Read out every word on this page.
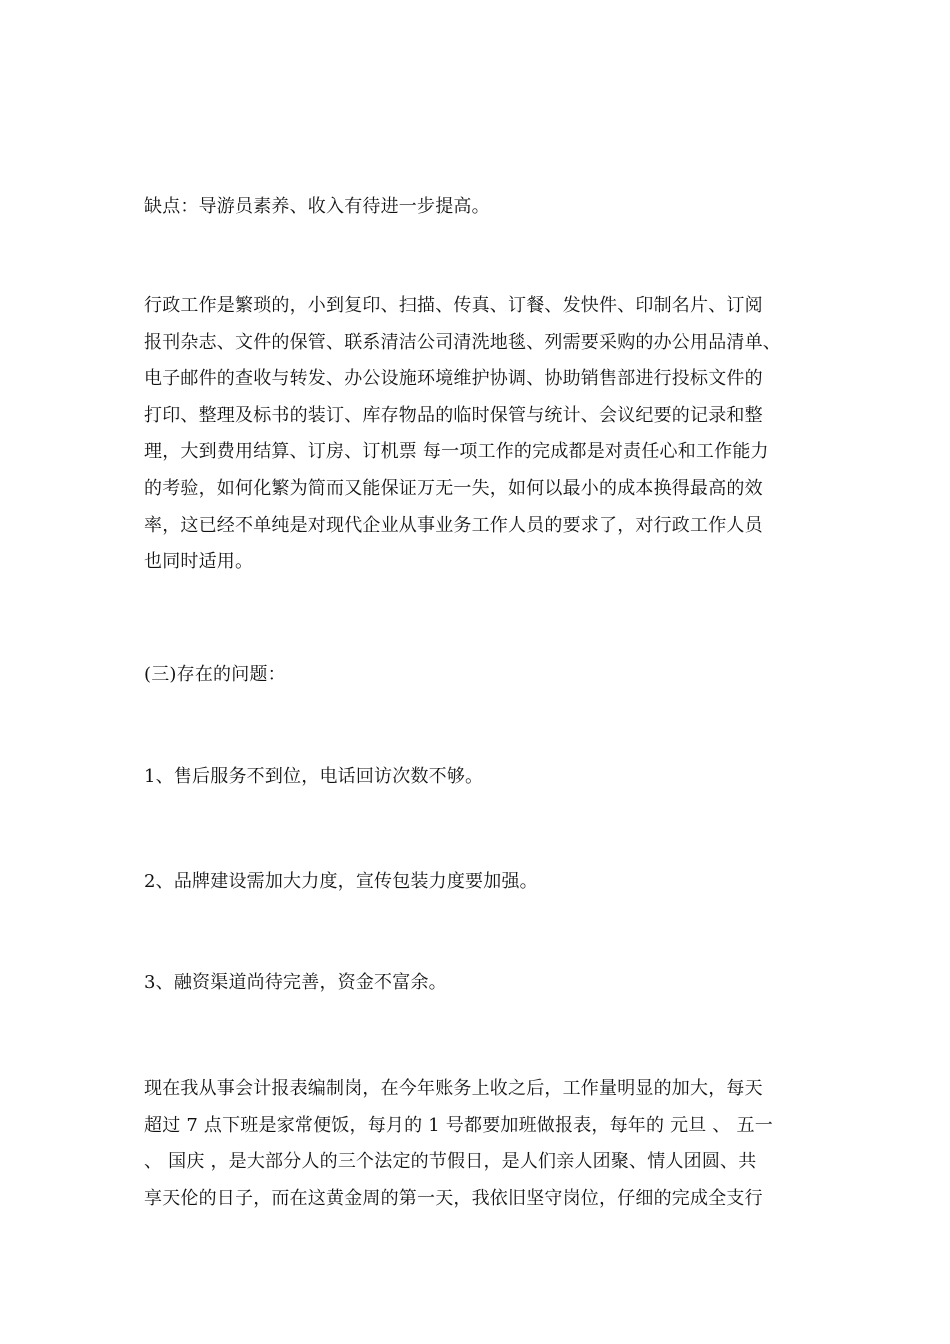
缺点：导游员素养、收入有待进一步提高。

行政工作是繁琐的，小到复印、扫描、传真、订餐、发快件、印制名片、订阅
报刊杂志、文件的保管、联系清洁公司清洗地毯、列需要采购的办公用品清单、
电子邮件的查收与转发、办公设施环境维护协调、协助销售部进行投标文件的
打印、整理及标书的装订、库存物品的临时保管与统计、会议纪要的记录和整
理，大到费用结算、订房、订机票 每一项工作的完成都是对责任心和工作能力
的考验，如何化繁为简而又能保证万无一失，如何以最小的成本换得最高的效
率，这已经不单纯是对现代企业从事业务工作人员的要求了，对行政工作人员
也同时适用。

(三)存在的问题：

1、售后服务不到位，电话回访次数不够。

2、品牌建设需加大力度，宣传包装力度要加强。

3、融资渠道尚待完善，资金不富余。

现在我从事会计报表编制岗，在今年账务上收之后，工作量明显的加大，每天
超过 7 点下班是家常便饭，每月的 1 号都要加班做报表，每年的 元旦 、 五一
、 国庆 ，是大部分人的三个法定的节假日，是人们亲人团聚、情人团圆、共
享天伦的日子，而在这黄金周的第一天，我依旧坚守岗位，仔细的完成全支行
